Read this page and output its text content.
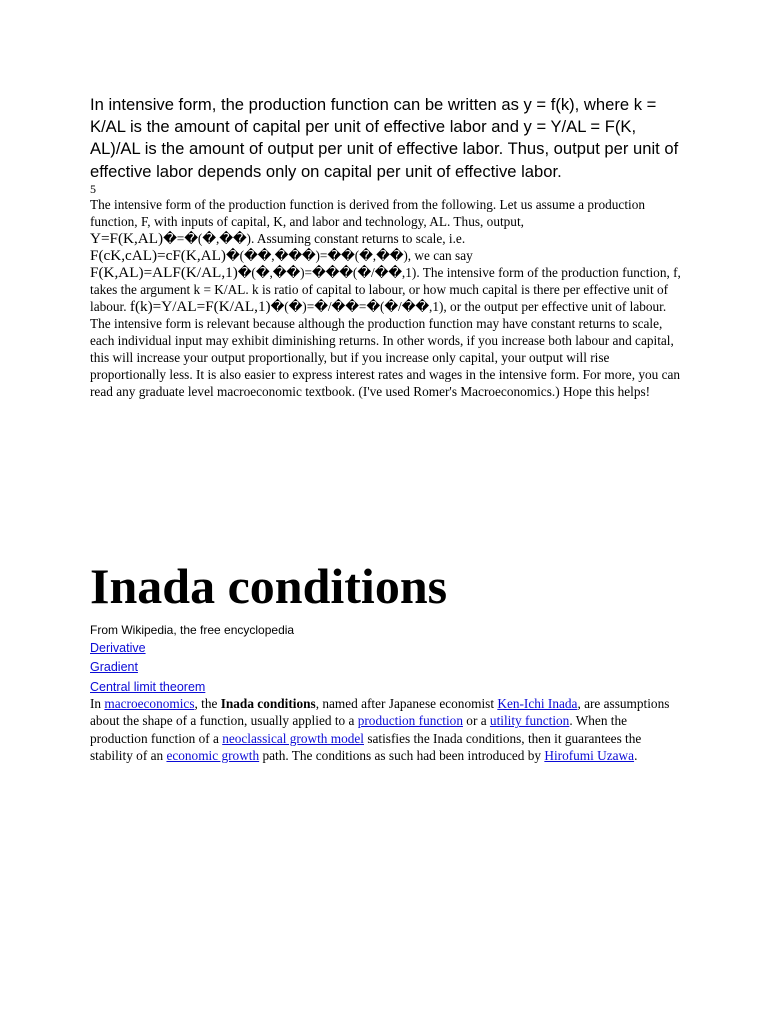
In intensive form, the production function can be written as y = f(k), where k = K/AL is the amount of capital per unit of effective labor and y = Y/AL = F(K, AL)/AL is the amount of output per unit of effective labor. Thus, output per unit of effective labor depends only on capital per unit of effective labor.

5

The intensive form of the production function is derived from the following. Let us assume a production function, F, with inputs of capital, K, and labor and technology, AL. Thus, output, Y=F(K,AL)�=�(�,��). Assuming constant returns to scale, i.e. F(cK,cAL)=cF(K,AL)�(��,���)=��(�,��), we can say F(K,AL)=ALF(K/AL,1)�(�,��)=���(�/��,1). The intensive form of the production function, f, takes the argument k = K/AL. k is ratio of capital to labour, or how much capital is there per effective unit of labour. f(k)=Y/AL=F(K/AL,1)�(�)=�/��=�(�/��,1), or the output per effective unit of labour.

The intensive form is relevant because although the production function may have constant returns to scale, each individual input may exhibit diminishing returns. In other words, if you increase both labour and capital, this will increase your output proportionally, but if you increase only capital, your output will rise proportionally less. It is also easier to express interest rates and wages in the intensive form. For more, you can read any graduate level macroeconomic textbook. (I've used Romer's Macroeconomics.) Hope this helps!

Inada conditions

From Wikipedia, the free encyclopedia

Derivative
Gradient
Central limit theorem

In macroeconomics, the Inada conditions, named after Japanese economist Ken-Ichi Inada, are assumptions about the shape of a function, usually applied to a production function or a utility function. When the production function of a neoclassical growth model satisfies the Inada conditions, then it guarantees the stability of an economic growth path. The conditions as such had been introduced by Hirofumi Uzawa.
